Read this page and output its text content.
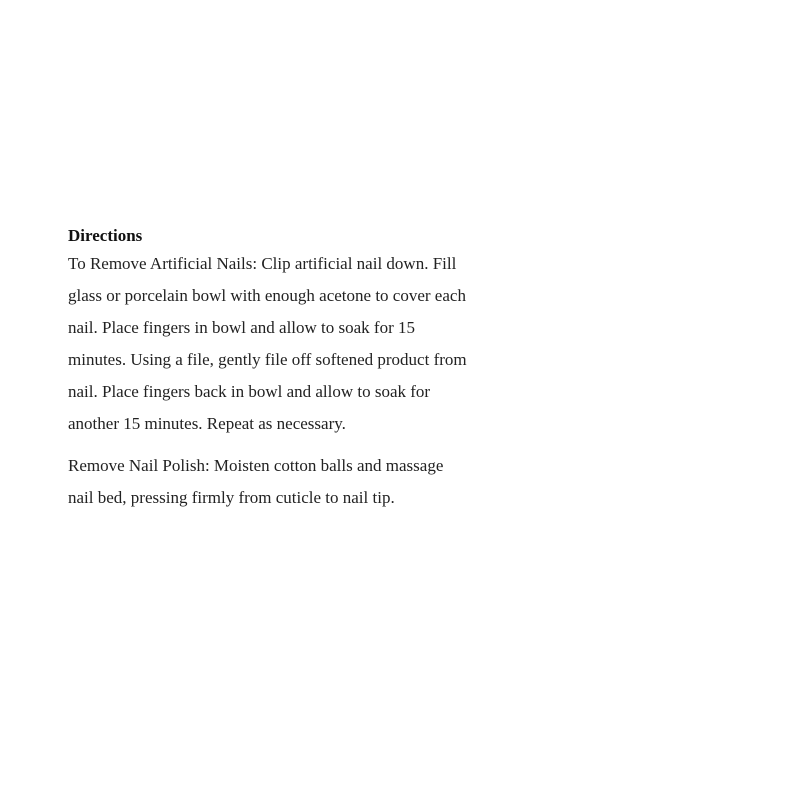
Directions

To Remove Artificial Nails: Clip artificial nail down. Fill
glass or porcelain bowl with enough acetone to cover each
nail. Place fingers in bowl and allow to soak for 15
minutes. Using a file, gently file off softened product from
nail. Place fingers back in bowl and allow to soak for
another 15 minutes. Repeat as necessary.

Remove Nail Polish: Moisten cotton balls and massage
nail bed, pressing firmly from cuticle to nail tip.
